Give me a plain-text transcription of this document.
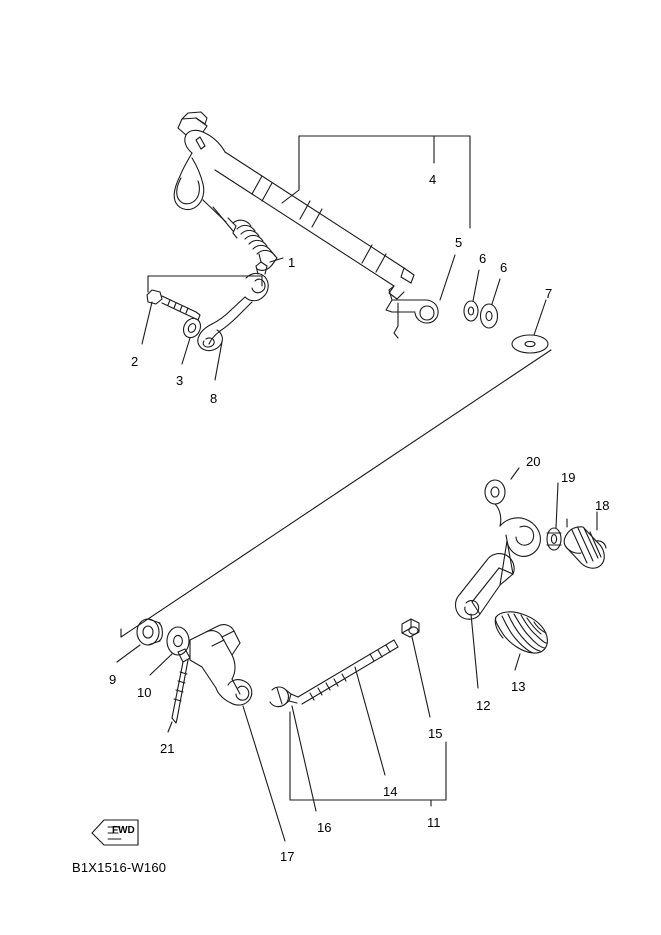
FWD
B1X1516-W160
1
2
3
4
5
6
6
7
8
9
10
11
12
13
14
15
16
17
18
19
20
21
